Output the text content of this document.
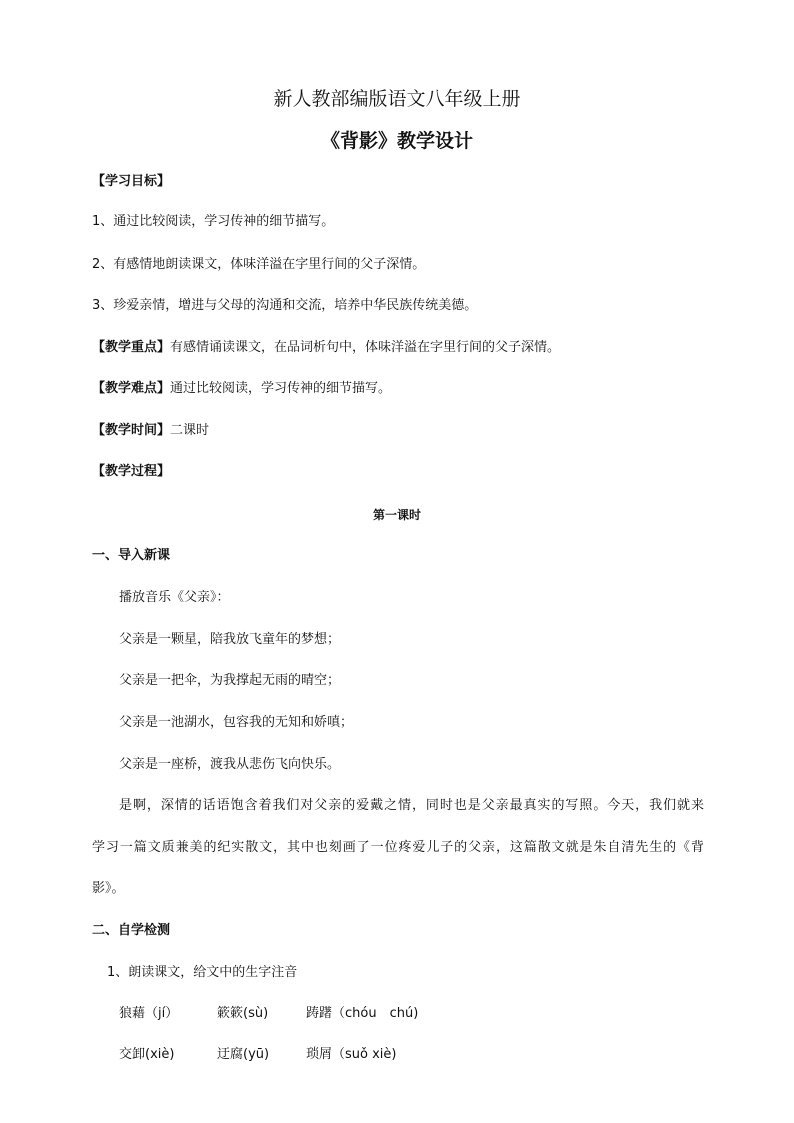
新人教部编版语文八年级上册
《背影》教学设计
【学习目标】
1、通过比较阅读，学习传神的细节描写。
2、有感情地朗读课文，体味洋溢在字里行间的父子深情。
3、珍爱亲情，增进与父母的沟通和交流，培养中华民族传统美德。
【教学重点】有感情诵读课文，在品词析句中，体味洋溢在字里行间的父子深情。
【教学难点】通过比较阅读，学习传神的细节描写。
【教学时间】二课时
【教学过程】
第一课时
一、导入新课
播放音乐《父亲》：
父亲是一颗星，陪我放飞童年的梦想；
父亲是一把伞，为我撑起无雨的晴空；
父亲是一池湖水，包容我的无知和娇嗔；
父亲是一座桥，渡我从悲伤飞向快乐。
是啊，深情的话语饱含着我们对父亲的爱戴之情，同时也是父亲最真实的写照。今天，我们就来
学习一篇文质兼美的纪实散文，其中也刻画了一位疼爱儿子的父亲，这篇散文就是朱自清先生的《背
影》。
二、自学检测
1、朗读课文，给文中的生字注音
狼藉（jí）	簌簌(sù)	踌躇（chóu　chú)
交卸(xiè)	迂腐(yū)	琐屑（suǒ xiè)
